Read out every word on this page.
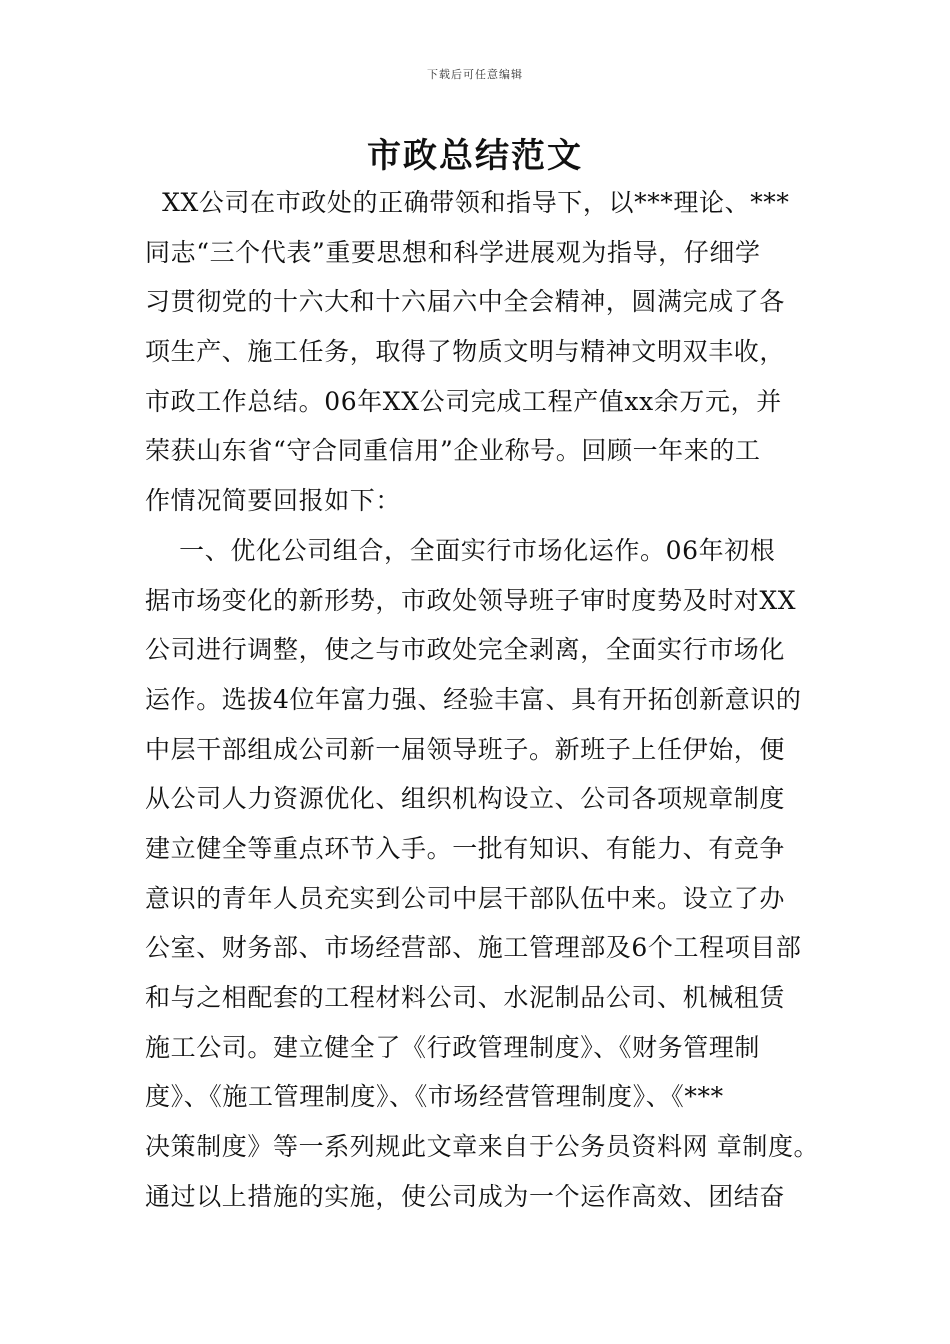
下载后可任意编辑
市政总结范文
XX公司在市政处的正确带领和指导下，以***理论、***
同志“三个代表”重要思想和科学进展观为指导，仔细学
习贯彻党的十六大和十六届六中全会精神，圆满完成了各
项生产、施工任务，取得了物质文明与精神文明双丰收，
市政工作总结。06年XX公司完成工程产值xx余万元，并
荣获山东省“守合同重信用”企业称号。回顾一年来的工
作情况简要回报如下：
一、优化公司组合，全面实行市场化运作。06年初根
据市场变化的新形势，市政处领导班子审时度势及时对XX
公司进行调整，使之与市政处完全剥离，全面实行市场化
运作。选拔4位年富力强、经验丰富、具有开拓创新意识的
中层干部组成公司新一届领导班子。新班子上任伊始，便
从公司人力资源优化、组织机构设立、公司各项规章制度
建立健全等重点环节入手。一批有知识、有能力、有竞争
意识的青年人员充实到公司中层干部队伍中来。设立了办
公室、财务部、市场经营部、施工管理部及6个工程项目部
和与之相配套的工程材料公司、水泥制品公司、机械租赁
施工公司。建立健全了《行政管理制度》、《财务管理制
度》、《施工管理制度》、《市场经营管理制度》、《***
决策制度》等一系列规此文章来自于公务员资料网 章制度。
通过以上措施的实施，使公司成为一个运作高效、团结奋
